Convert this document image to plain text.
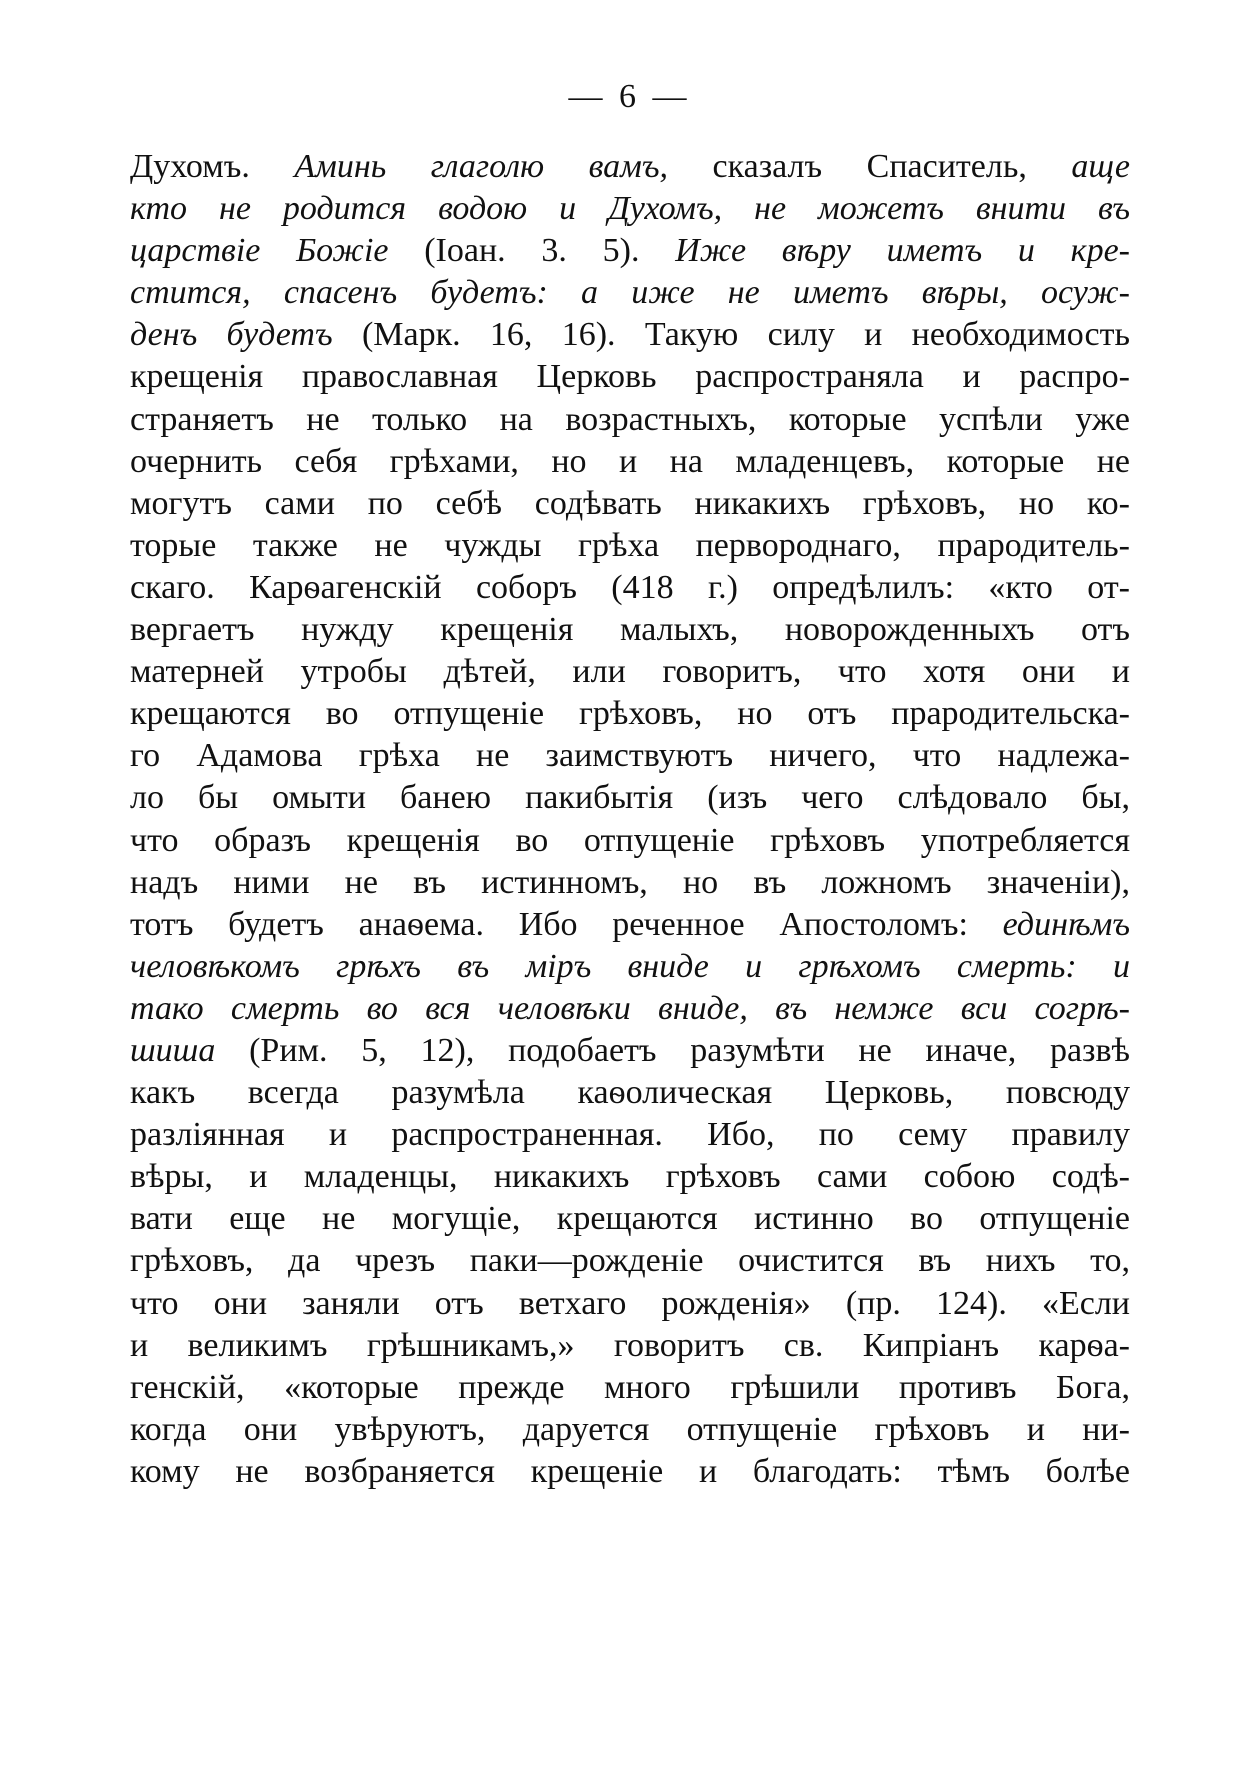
— 6 —
Духомъ. Аминь глаголю вамъ, сказалъ Спаситель, аще
кто не родится водою и Духомъ, не можетъ внити въ
царствіе Божіе (Іоан. 3. 5). Иже вѣру иметъ и кре-
стится, спасенъ будетъ: а иже не иметъ вѣры, осуж-
денъ будетъ (Марк. 16, 16). Такую силу и необходимость
крещенія православная Церковь распространяла и распро-
страняетъ не только на возрастныхъ, которые успѣли уже
очернить себя грѣхами, но и на младенцевъ, которые не
могутъ сами по себѣ содѣвать никакихъ грѣховъ, но ко-
торые также не чужды грѣха первороднаго, прародитель-
скаго. Карѳагенскій соборъ (418 г.) опредѣлилъ: «кто от-
вергаетъ нужду крещенія малыхъ, новорожденныхъ отъ
матерней утробы дѣтей, или говоритъ, что хотя они и
крещаются во отпущеніе грѣховъ, но отъ прародительска-
го Адамова грѣха не заимствуютъ ничего, что надлежа-
ло бы омыти банею пакибытія (изъ чего слѣдовало бы,
что образъ крещенія во отпущеніе грѣховъ употребляется
надъ ними не въ истинномъ, но въ ложномъ значеніи),
тотъ будетъ анаѳема. Ибо реченное Апостоломъ: единѣмъ
человѣкомъ грѣхъ въ міръ вниде и грѣхомъ смерть: и
тако смерть во вся человѣки вниде, въ немже вси согрѣ-
шиша (Рим. 5, 12), подобаетъ разумѣти не иначе, развѣ
какъ всегда разумѣла каѳолическая Церковь, повсюду
разліянная и распространенная. Ибо, по сему правилу
вѣры, и младенцы, никакихъ грѣховъ сами собою содѣ-
вати еще не могущіе, крещаются истинно во отпущеніе
грѣховъ, да чрезъ паки—рожденіе очистится въ нихъ то,
что они заняли отъ ветхаго рожденія» (пр. 124). «Если
и великимъ грѣшникамъ,» говоритъ св. Кипріанъ карѳа-
генскій, «которые прежде много грѣшили противъ Бога,
когда они увѣруютъ, даруется отпущеніе грѣховъ и ни-
кому не возбраняется крещеніе и благодать: тѣмъ болѣе
